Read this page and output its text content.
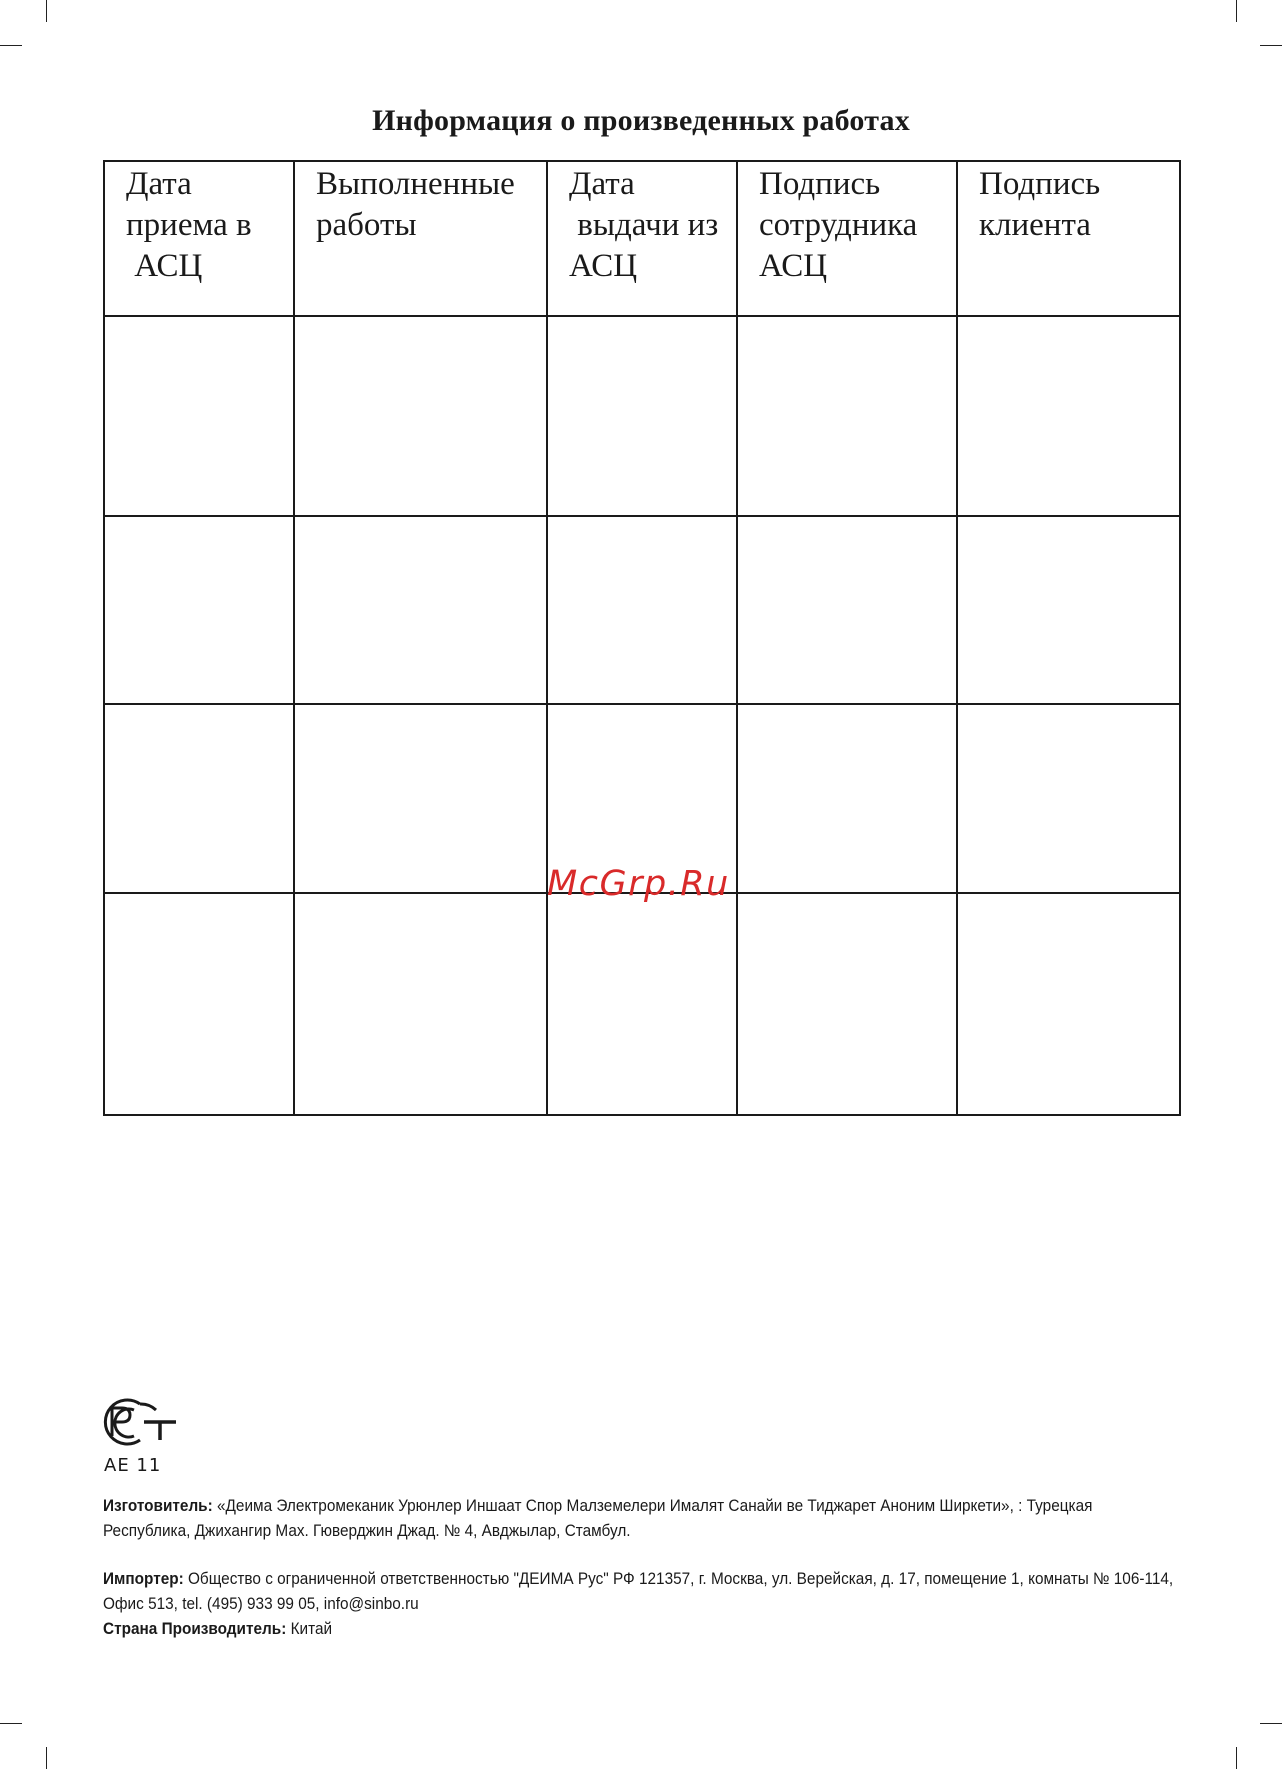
Информация о произведенных работах
Дата
приема в
АСЦ	Выполненные
работы	Дата
выдачи из
АСЦ	Подпись
сотрудника
АСЦ	Подпись
клиента

McGrp.Ru
AE 11
Изготовитель: «Деима Электромеканик Урюнлер Иншаат Спор Малземелери Ималят Санайи ве Тиджарет Аноним Ширкети», : Турецкая Республика, Джихангир Мах. Гюверджин Джад. № 4, Авджылар, Стамбул.
Импортер: Общество с ограниченной ответственностью "ДЕИМА Рус" РФ 121357, г. Москва, ул. Верейская, д. 17, помещение 1, комнаты № 106-114, Офис 513, tel. (495) 933 99 05, info@sinbo.ru
Страна Производитель: Китай
